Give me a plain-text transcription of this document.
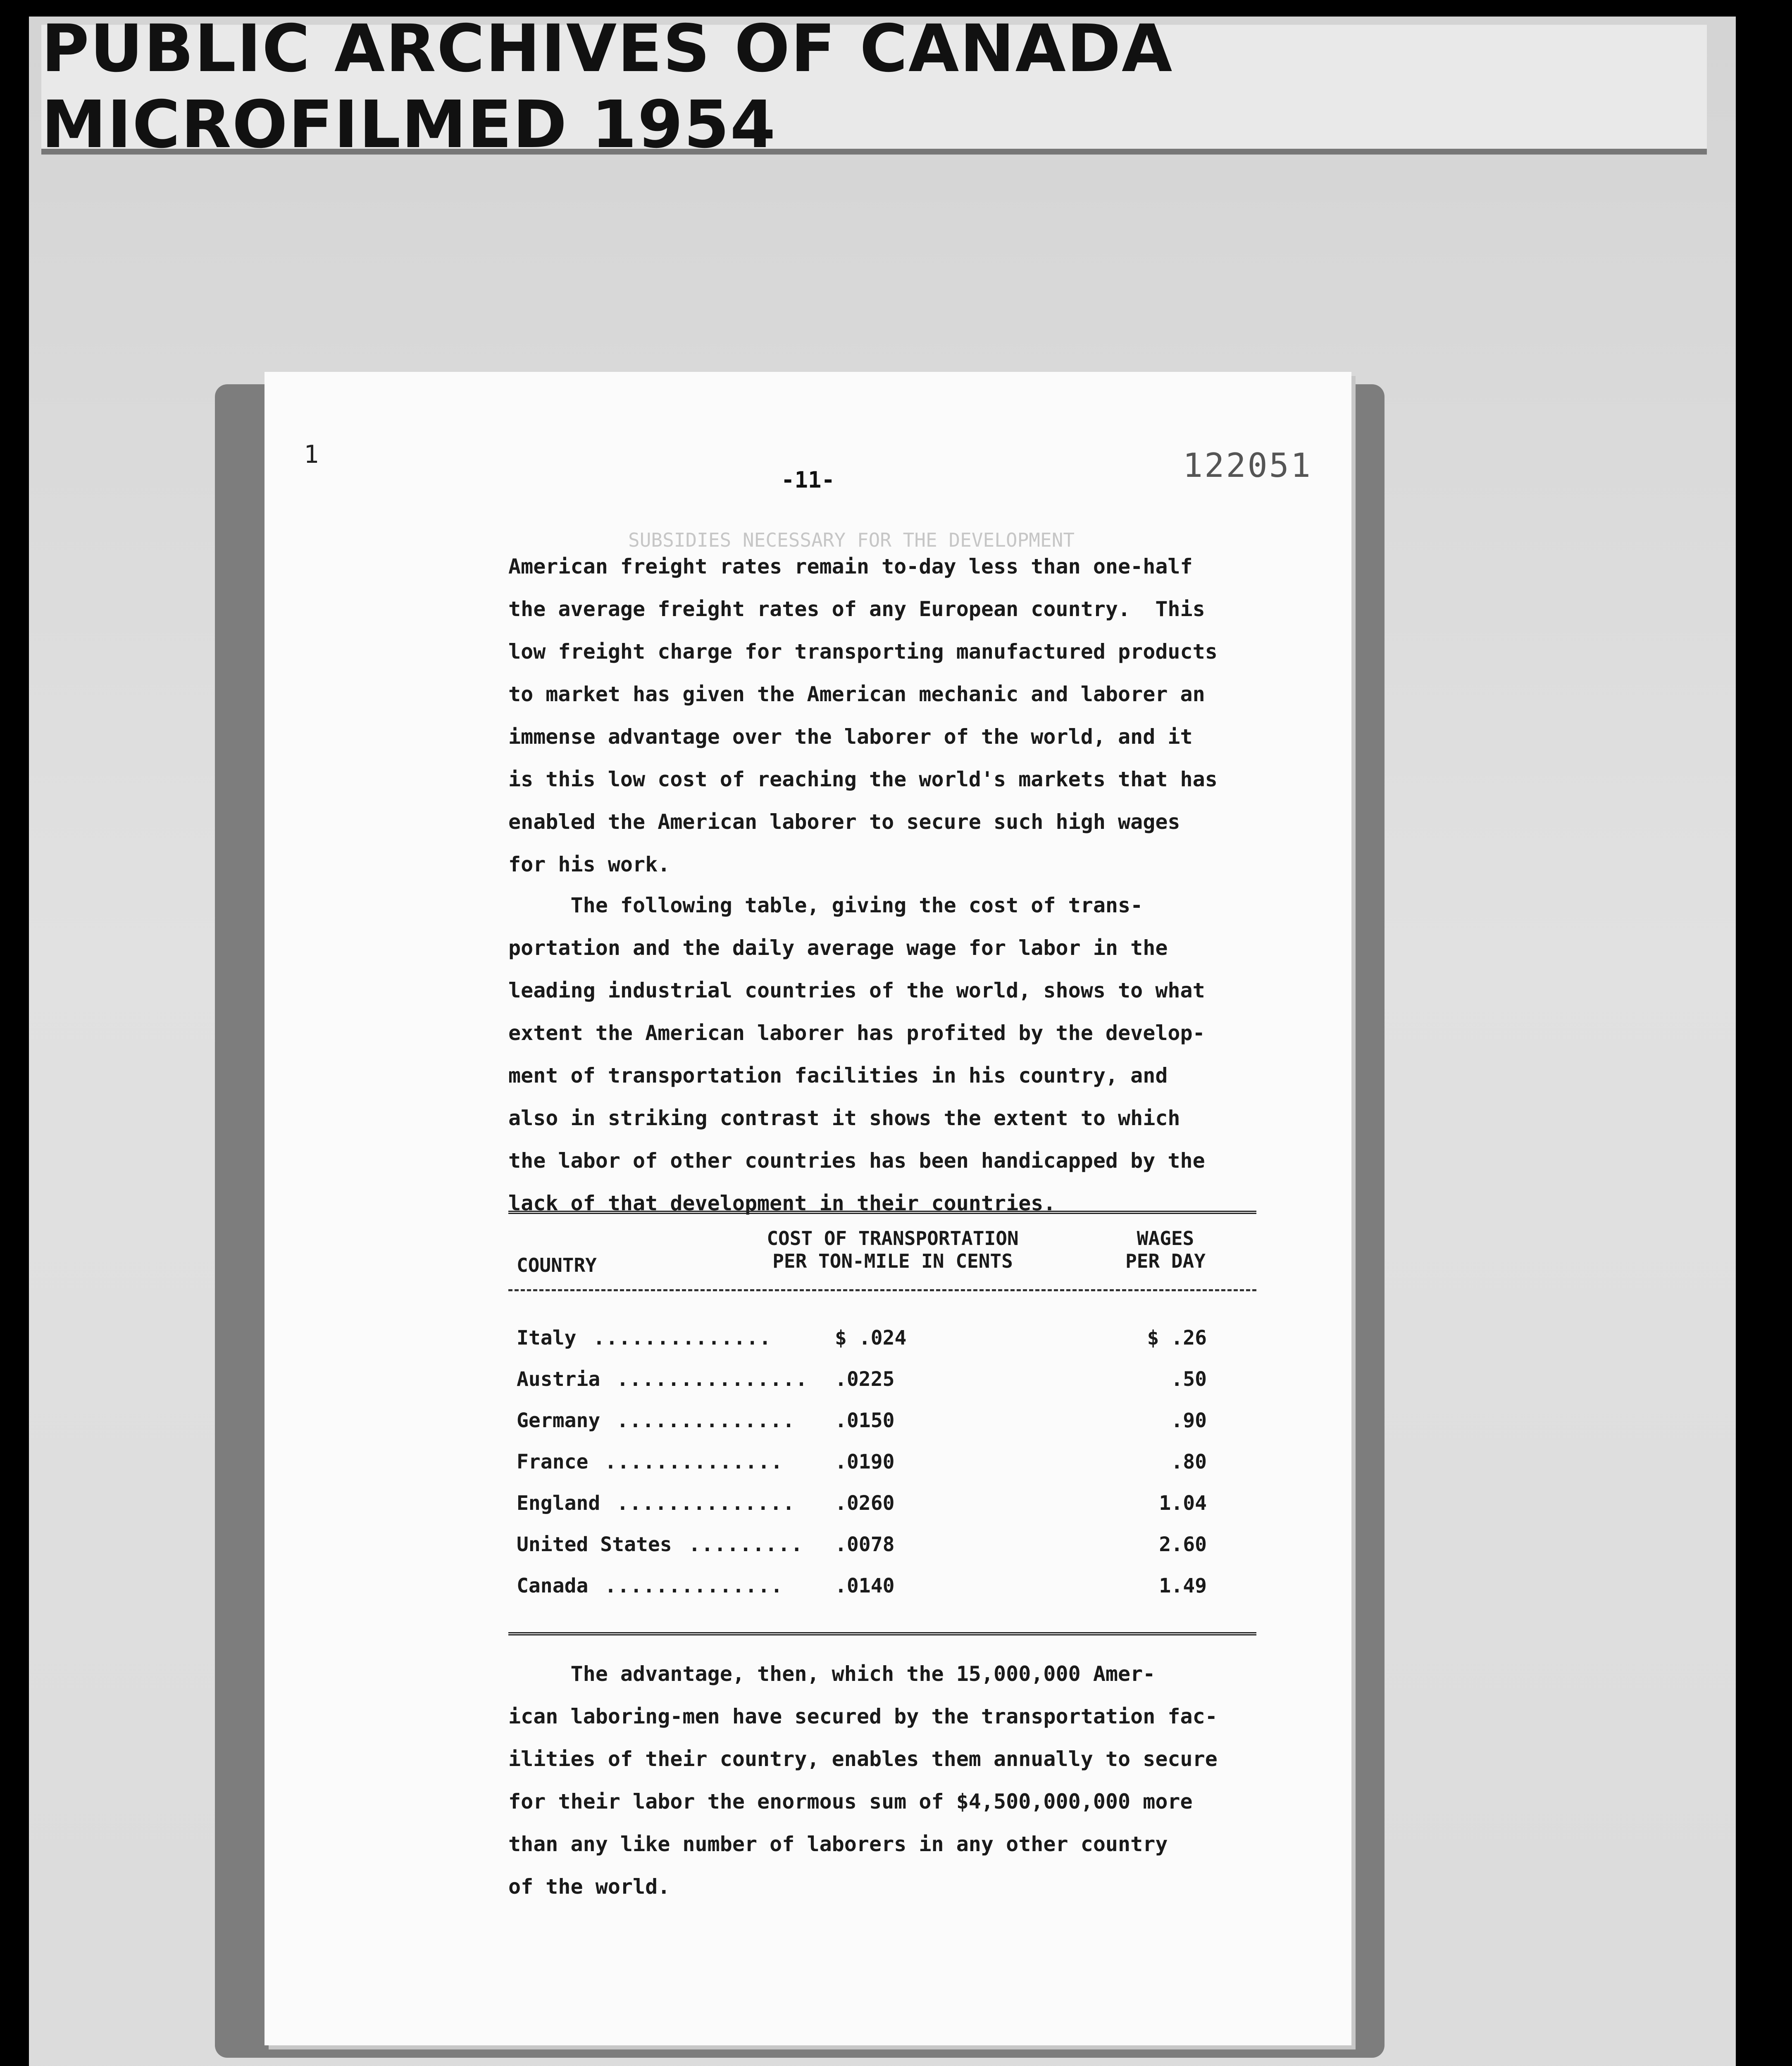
PUBLIC ARCHIVES OF CANADA MICROFILMED 1954
1	122051
-11-
SUBSIDIES NECESSARY FOR THE DEVELOPMENT
American freight rates remain to-day less than one-half
the average freight rates of any European country.  This
low freight charge for transporting manufactured products
to market has given the American mechanic and laborer an
immense advantage over the laborer of the world, and it
is this low cost of reaching the world's markets that has
enabled the American laborer to secure such high wages
for his work.
The following table, giving the cost of trans-
portation and the daily average wage for labor in the
leading industrial countries of the world, shows to what
extent the American laborer has profited by the develop-
ment of transportation facilities in his country, and
also in striking contrast it shows the extent to which
the labor of other countries has been handicapped by the
lack of that development in their countries.
COUNTRY
COST OF TRANSPORTATION
PER TON-MILE IN CENTS
WAGES
PER DAY
Italy ..............	$ .024	$ .26
Austria ............... .0225	.50
Germany .............. .0150	.90
France ..............	.0190	.80
England .............. .0260	1.04
United States ......... .0078	2.60
Canada ..............	.0140	1.49
The advantage, then, which the 15,000,000 Amer-
ican laboring-men have secured by the transportation fac-
ilities of their country, enables them annually to secure
for their labor the enormous sum of $4,500,000,000 more
than any like number of laborers in any other country
of the world.
